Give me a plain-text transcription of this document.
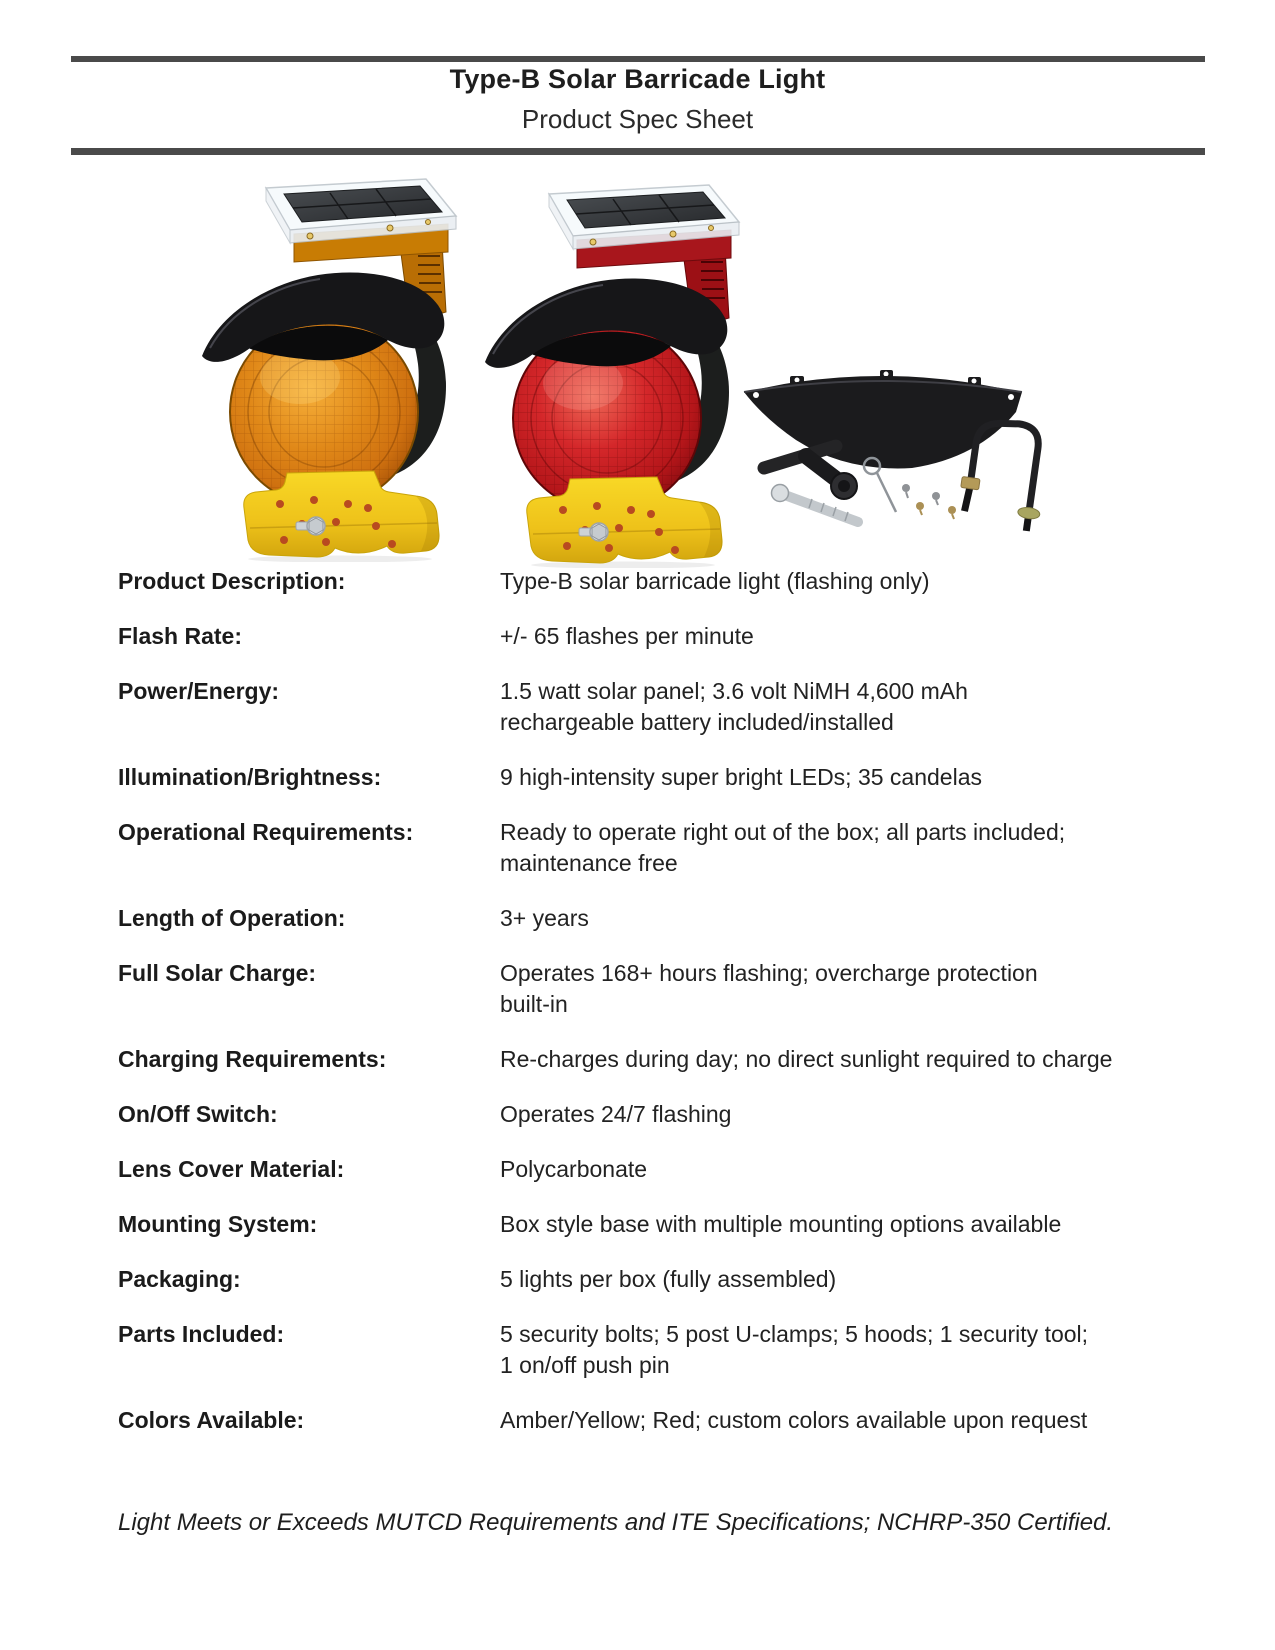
Type-B Solar Barricade Light
Product Spec Sheet
Product Description:	Type-B solar barricade light (flashing only)
Flash Rate:	+/- 65 flashes per minute
Power/Energy:	1.5 watt solar panel; 3.6 volt NiMH 4,600 mAh
rechargeable battery included/installed
Illumination/Brightness:	9 high-intensity super bright LEDs; 35 candelas
Operational Requirements:	Ready to operate right out of the box; all parts included;
maintenance free
Length of Operation:	3+ years
Full Solar Charge:	Operates 168+ hours flashing; overcharge protection
built-in
Charging Requirements:	Re-charges during day; no direct sunlight required to charge
On/Off Switch:	Operates 24/7 flashing
Lens Cover Material:	Polycarbonate
Mounting System:	Box style base with multiple mounting options available
Packaging:	5 lights per box (fully assembled)
Parts Included:	5 security bolts; 5 post U-clamps; 5 hoods; 1 security tool;
1 on/off push pin
Colors Available:	Amber/Yellow; Red; custom colors available upon request
Light Meets or Exceeds MUTCD Requirements and ITE Specifications; NCHRP-350 Certified.
